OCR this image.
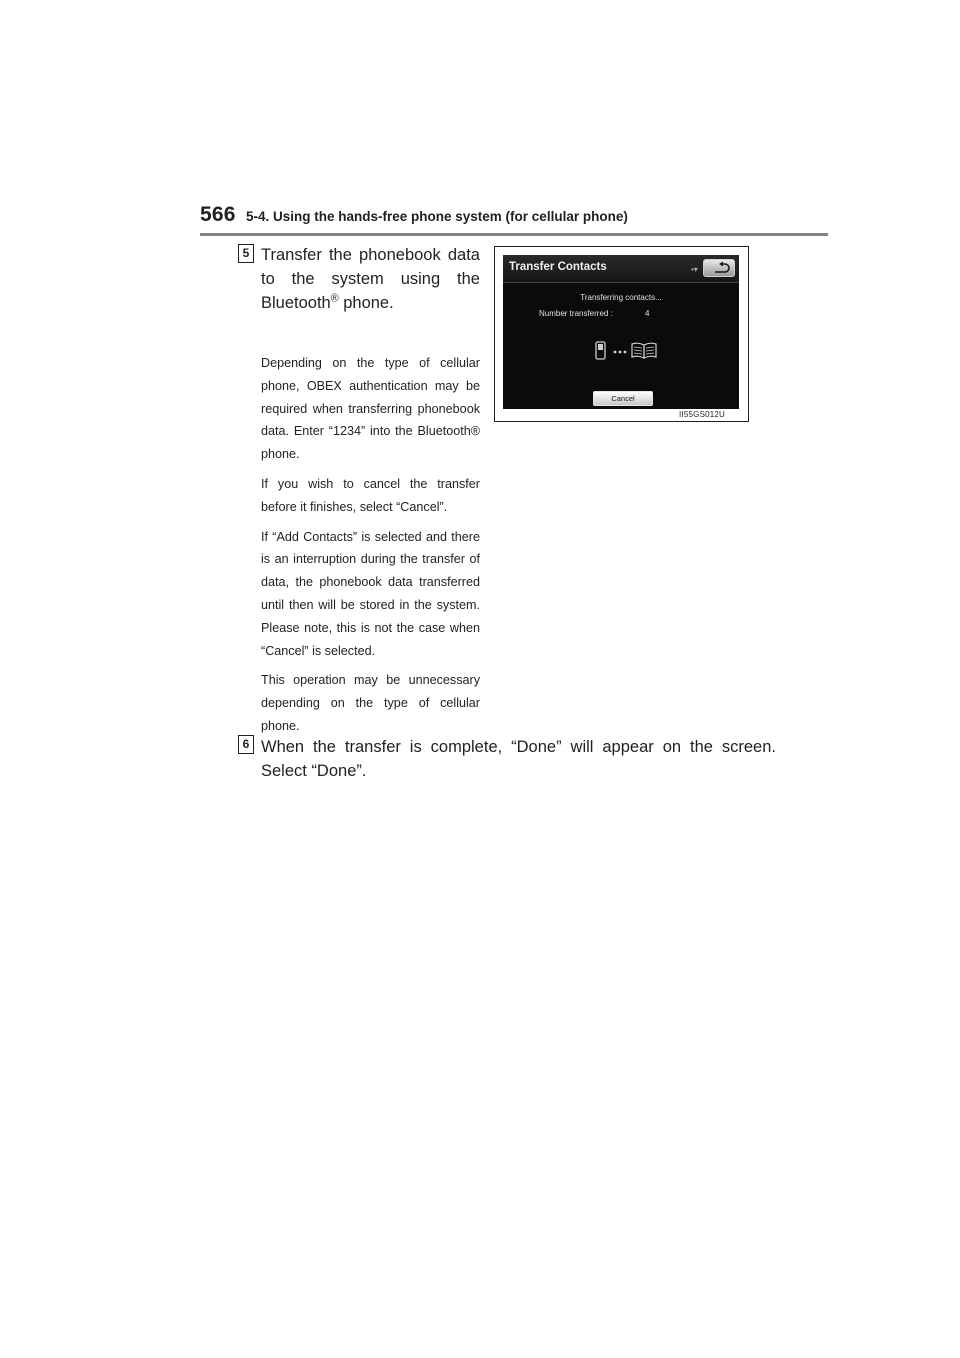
566 5-4. Using the hands-free phone system (for cellular phone)
5 Transfer the phonebook data to the system using the Bluetooth® phone.

Depending on the type of cellular phone, OBEX authentication may be required when transferring phonebook data. Enter “1234” into the Bluetooth® phone.

If you wish to cancel the transfer before it finishes, select “Cancel”.

If “Add Contacts” is selected and there is an interruption during the transfer of data, the phonebook data transferred until then will be stored in the system. Please note, this is not the case when “Cancel” is selected.

This operation may be unnecessary depending on the type of cellular phone.

Transfer Contacts	•▾
Transferring contacts...
Number transferred :	4
Cancel
II55GS012U
6 When the transfer is complete, “Done” will appear on the screen. Select “Done”.
